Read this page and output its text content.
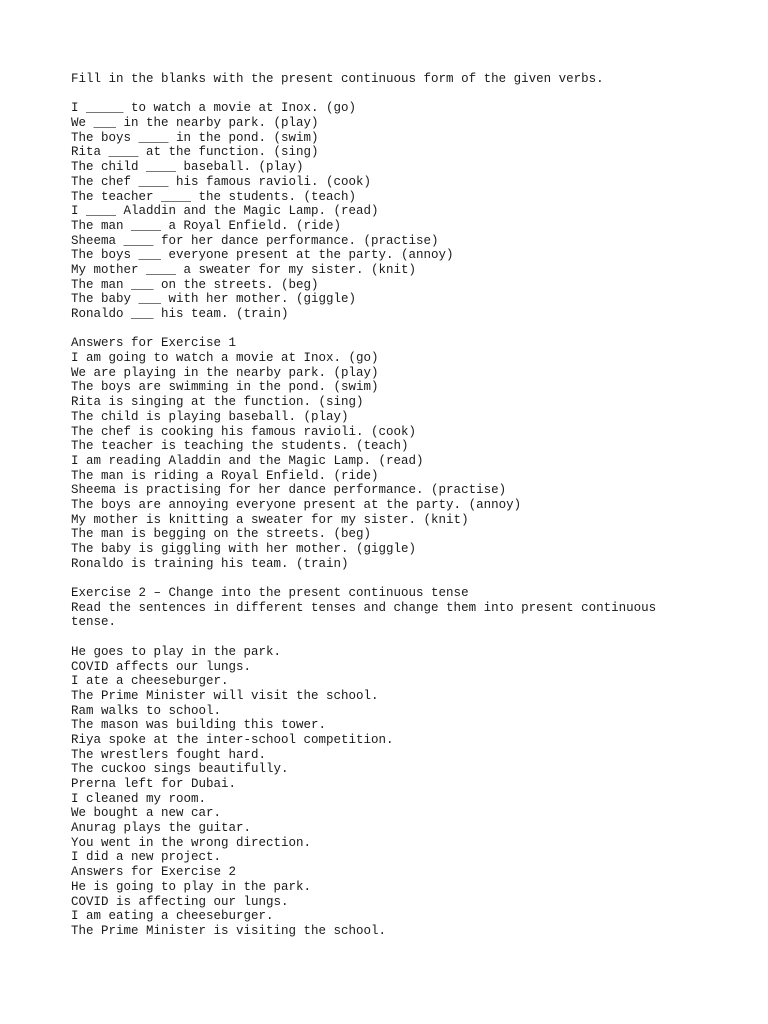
Fill in the blanks with the present continuous form of the given verbs.
I _____ to watch a movie at Inox. (go)
We ___ in the nearby park. (play)
The boys ____ in the pond. (swim)
Rita ____ at the function. (sing)
The child ____ baseball. (play)
The chef ____ his famous ravioli. (cook)
The teacher ____ the students. (teach)
I ____ Aladdin and the Magic Lamp. (read)
The man ____ a Royal Enfield. (ride)
Sheema ____ for her dance performance. (practise)
The boys ___ everyone present at the party. (annoy)
My mother ____ a sweater for my sister. (knit)
The man ___ on the streets. (beg)
The baby ___ with her mother. (giggle)
Ronaldo ___ his team. (train)
Answers for Exercise 1
I am going to watch a movie at Inox. (go)
We are playing in the nearby park. (play)
The boys are swimming in the pond. (swim)
Rita is singing at the function. (sing)
The child is playing baseball. (play)
The chef is cooking his famous ravioli. (cook)
The teacher is teaching the students. (teach)
I am reading Aladdin and the Magic Lamp. (read)
The man is riding a Royal Enfield. (ride)
Sheema is practising for her dance performance. (practise)
The boys are annoying everyone present at the party. (annoy)
My mother is knitting a sweater for my sister. (knit)
The man is begging on the streets. (beg)
The baby is giggling with her mother. (giggle)
Ronaldo is training his team. (train)
Exercise 2 – Change into the present continuous tense
Read the sentences in different tenses and change them into present continuous
tense.
He goes to play in the park.
COVID affects our lungs.
I ate a cheeseburger.
The Prime Minister will visit the school.
Ram walks to school.
The mason was building this tower.
Riya spoke at the inter-school competition.
The wrestlers fought hard.
The cuckoo sings beautifully.
Prerna left for Dubai.
I cleaned my room.
We bought a new car.
Anurag plays the guitar.
You went in the wrong direction.
I did a new project.
Answers for Exercise 2
He is going to play in the park.
COVID is affecting our lungs.
I am eating a cheeseburger.
The Prime Minister is visiting the school.
